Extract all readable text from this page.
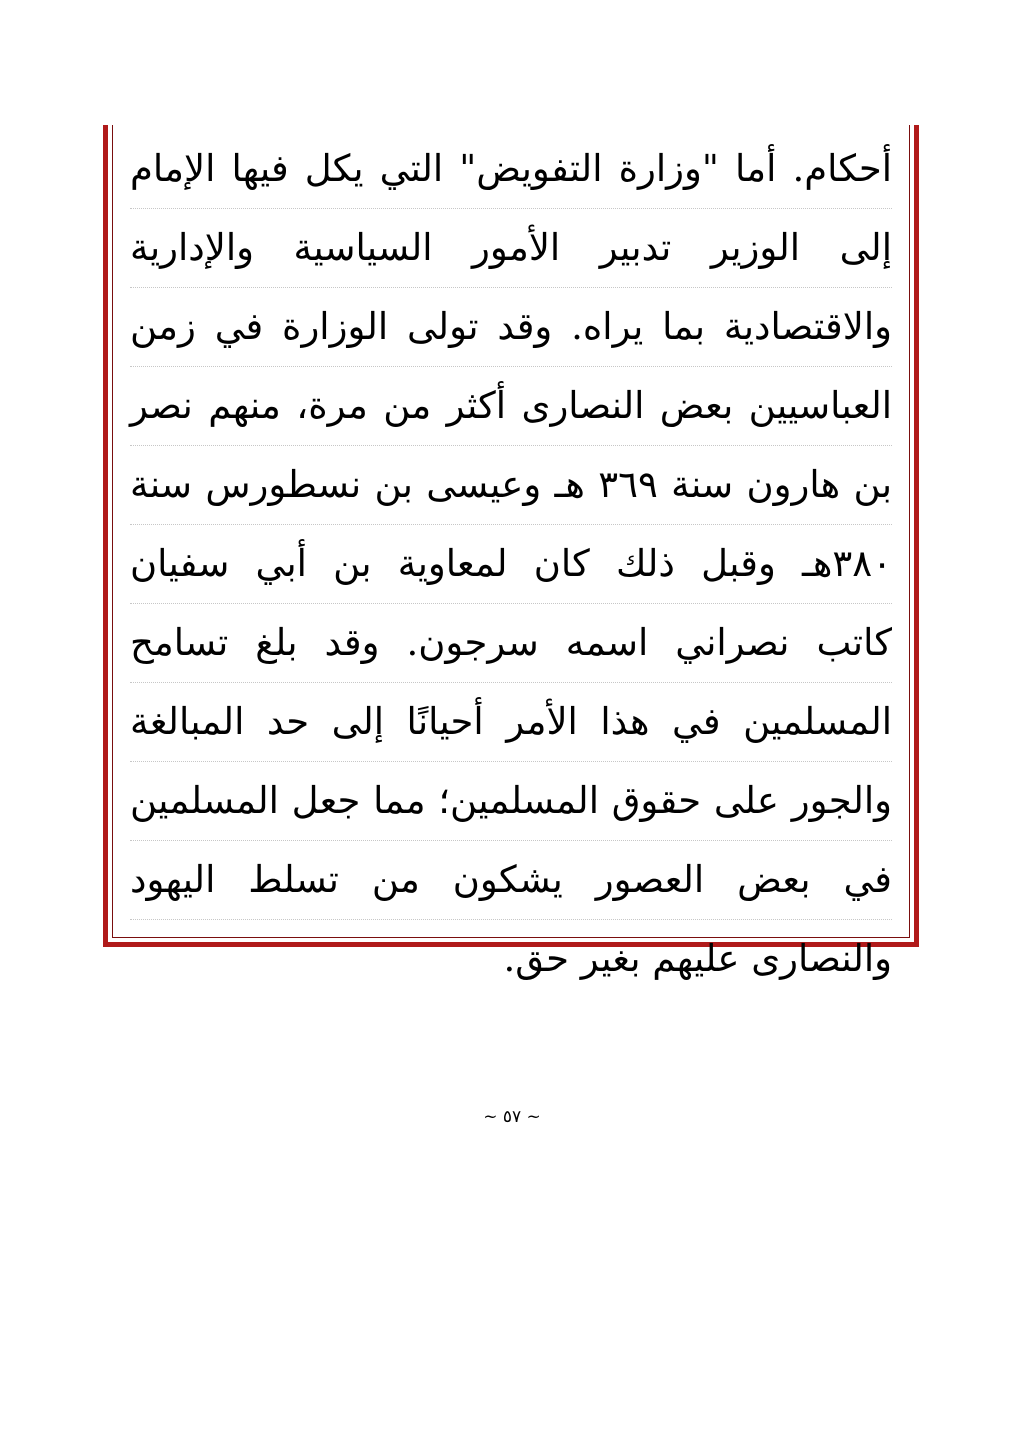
أحكام. أما "وزارة التفويض" التي يكل فيها الإمام
إلى الوزير تدبير الأمور السياسية والإدارية
والاقتصادية بما يراه. وقد تولى الوزارة في زمن
العباسيين بعض النصارى أكثر من مرة، منهم نصر
بن هارون سنة ٣٦٩ هـ وعيسى بن نسطورس سنة
٣٨٠هـ وقبل ذلك كان لمعاوية بن أبي سفيان
كاتب نصراني اسمه سرجون. وقد بلغ تسامح
المسلمين في هذا الأمر أحيانًا إلى حد المبالغة
والجور على حقوق المسلمين؛ مما جعل المسلمين
في بعض العصور يشكون من تسلط اليهود
والنصارى عليهم بغير حق.
~ ٥٧ ~
